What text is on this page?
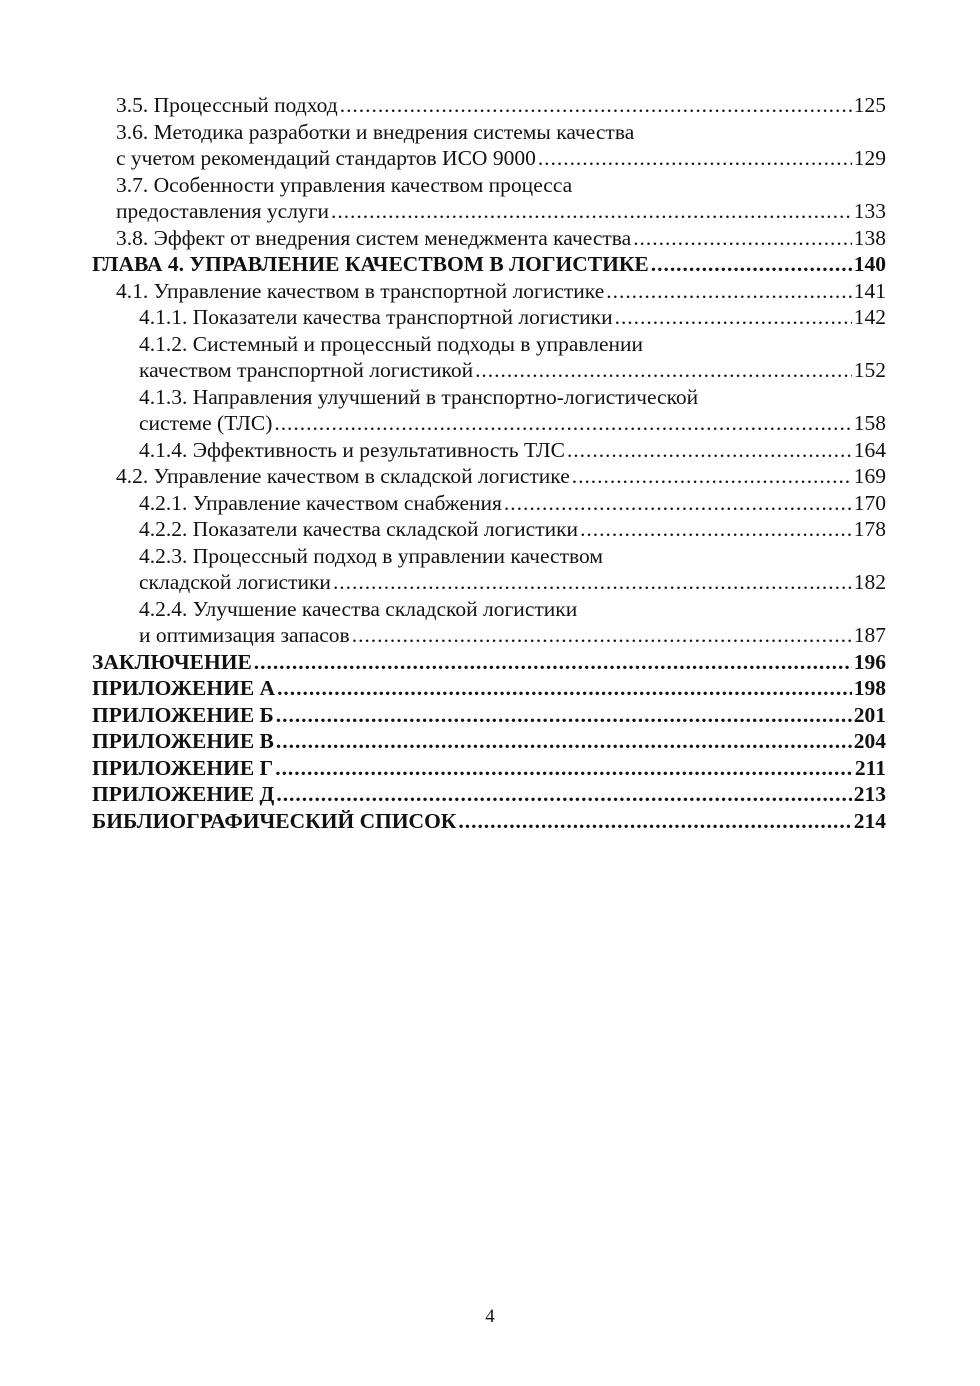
3.5. Процессный подход . . .	125
3.6. Методика разработки и внедрения системы качества
с учетом рекомендаций стандартов ИСО 9000 . . .	129
3.7. Особенности управления качеством процесса
предоставления услуги . . .	133
3.8. Эффект от внедрения систем менеджмента качества . . .	138
ГЛАВА 4. УПРАВЛЕНИЕ КАЧЕСТВОМ В ЛОГИСТИКЕ . . .	140
4.1. Управление качеством в транспортной логистике . . .	141
4.1.1. Показатели качества транспортной логистики . . .	142
4.1.2. Системный и процессный подходы в управлении
качеством транспортной логистикой . . .	152
4.1.3. Направления улучшений в транспортно-логистической
системе (ТЛС) . . .	158
4.1.4. Эффективность и результативность ТЛС . . .	164
4.2. Управление качеством в складской логистике . . .	169
4.2.1. Управление качеством снабжения . . .	170
4.2.2. Показатели качества складской логистики . . .	178
4.2.3. Процессный подход в управлении качеством
складской логистики . . .	182
4.2.4. Улучшение качества складской логистики
и оптимизация запасов . . .	187
ЗАКЛЮЧЕНИЕ . . .	196
ПРИЛОЖЕНИЕ А . . .	198
ПРИЛОЖЕНИЕ Б . . .	201
ПРИЛОЖЕНИЕ В . . .	204
ПРИЛОЖЕНИЕ Г . . .	211
ПРИЛОЖЕНИЕ Д . . .	213
БИБЛИОГРАФИЧЕСКИЙ СПИСОК . . .	214
4
